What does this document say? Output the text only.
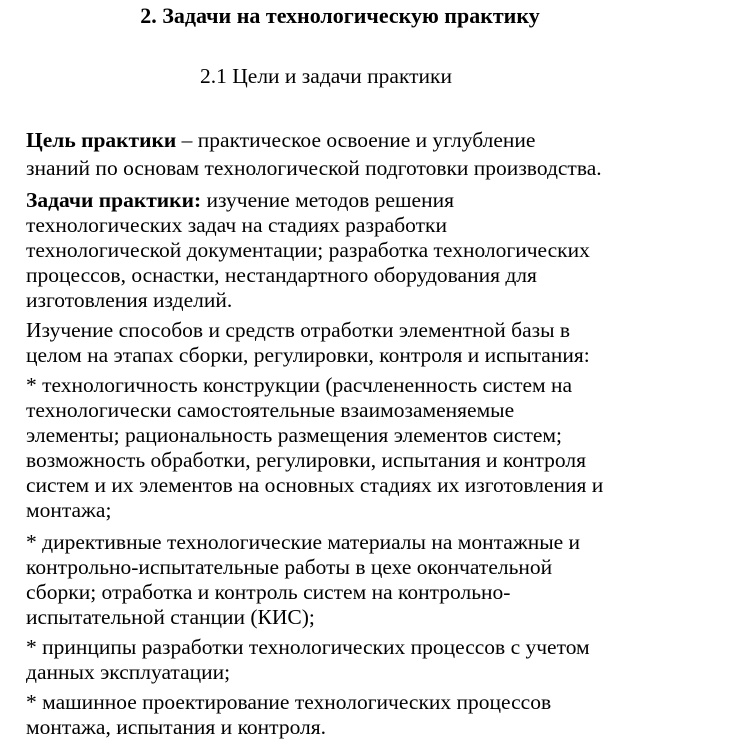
2. Задачи на технологическую практику
2.1 Цели и задачи практики
Цель практики – практическое освоение и углубление
знаний по основам технологической подготовки производства.
Задачи практики: изучение методов решения
технологических задач на стадиях разработки
технологической документации; разработка технологических
процессов, оснастки, нестандартного оборудования для
изготовления изделий.
Изучение способов и средств отработки элементной базы в
целом на этапах сборки, регулировки, контроля и испытания:
* технологичность конструкции (расчлененность систем на
технологически самостоятельные взаимозаменяемые
элементы; рациональность размещения элементов систем;
возможность обработки, регулировки, испытания и контроля
систем и их элементов на основных стадиях их изготовления и
монтажа;
* директивные технологические материалы на монтажные и
контрольно-испытательные работы в цехе окончательной
сборки; отработка и контроль систем на контрольно-
испытательной станции (КИС);
* принципы разработки технологических процессов с учетом
данных эксплуатации;
* машинное проектирование технологических процессов
монтажа, испытания и контроля.
